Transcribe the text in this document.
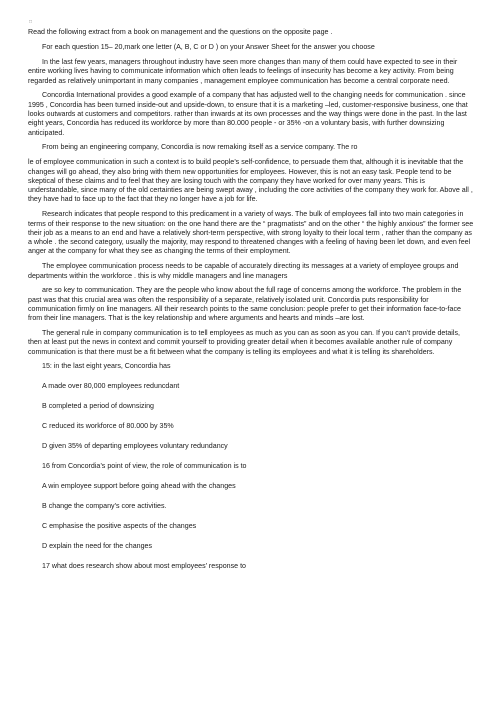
□

Read the following extract from a book on management and the questions on the opposite page .

For each question 15– 20,mark one letter (A, B, C or D ) on your Answer Sheet for the answer you choose

In the last few years, managers throughout industry have seen more changes than many of them could have expected to see in their entire working lives having to communicate information which often leads to feelings of insecurity has become a key activity. From being regarded as relatively unimportant in many companies , management employee communication has become a central corporate need.

Concordia International provides a good example of a company that has adjusted well to the changing needs for communication . since 1995 , Concordia has been turned inside-out and upside-down, to ensure that it is a marketing –led, customer-responsive business, one that looks outwards at customers and competitors. rather than inwards at its own processes and the way things were done in the past. In the last eight years, Concordia has reduced its workforce by more than 80.000 people - or 35% -on a voluntary basis, with further downsizing anticipated.

From being an engineering company, Concordia is now remaking itself as a service company. The ro

le of employee communication in such a context is to build people’s self-confidence, to persuade them that, although it is inevitable that the changes will go ahead, they also bring with them new opportunities for employees. However, this is not an easy task. People tend to be skeptical of these claims and to feel that they are losing touch with the company they have worked for over many years. This is understandable, since many of the old certainties are being swept away , including the core activities of the company they work for. Above all , they have had to face up to the fact that they no longer have a job for life.

Research indicates that people respond to this predicament in a variety of ways. The bulk of employees fall into two main categories in terms of their response to the new situation: on the one hand there are the “ pragmatists” and on the other “ the highly anxious” the former see their job as a means to an end and have a relatively short-term perspective, with strong loyalty to their local term , rather than the company as a whole . the second category, usually the majority, may respond to threatened changes with a feeling of having been let down, and even feel anger at the company for what they see as changing the terms of their employment.

The employee communication process needs to be capable of accurately directing its messages at a variety of employee groups and departments within the workforce . this is why middle managers and line managers

are so key to communication. They are the people who know about the full rage of concerns among the workforce. The problem in the past was that this crucial area was often the responsibility of a separate, relatively isolated unit. Concordia puts responsibility for communication firmly on line managers. All their research points to the same conclusion: people prefer to get their information face-to-face from their line managers. That is the key relationship and where arguments and hearts and minds –are lost.

The general rule in company communication is to tell employees as much as you can as soon as you can. If you can’t provide details, then at least put the news in context and commit yourself to providing greater detail when it becomes available another rule of company communication is that there must be a fit between what the company is telling its employees and what it is telling its shareholders.

15: in the last eight years, Concordia has

A made over 80,000 employees reduncdant

B completed a period of downsizing

C reduced its workforce of 80.000 by 35%

D given 35% of departing employees voluntary redundancy

16 from Concordia’s point of view, the role of communication is to

A win employee support before going ahead with the changes

B change the company’s core activities.

C emphasise the positive aspects of the changes

D explain the need for the changes

17 what does research show about most employees’ response to
